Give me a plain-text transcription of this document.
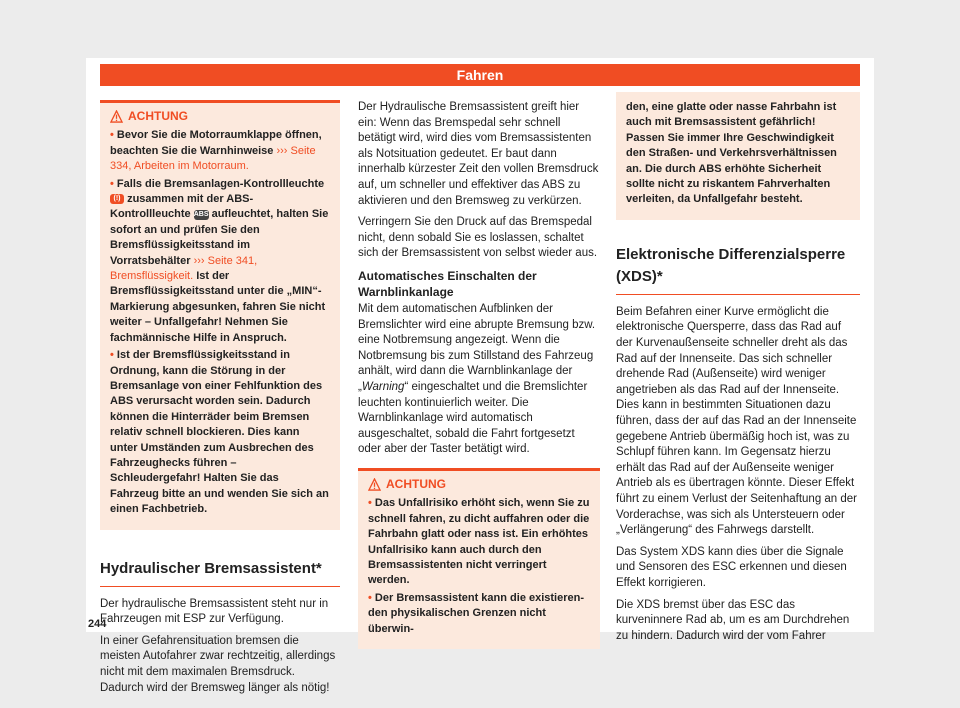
Fahren
ACHTUNG

• Bevor Sie die Motorraumklappe öffnen, beachten Sie die Warnhinweise ››› Seite 334, Arbeiten im Motorraum.

• Falls die Bremsanlagen-Kontrollleuchte (!) zusammen mit der ABS-Kontrollleuchte ABS aufleuchtet, halten Sie sofort an und prüfen Sie den Bremsflüssigkeitsstand im Vorratsbehälter ››› Seite 341, Bremsflüssigkeit. Ist der Bremsflüssigkeitsstand unter die „MIN“-Markierung abgesunken, fahren Sie nicht weiter – Unfallgefahr! Nehmen Sie fachmännische Hilfe in Anspruch.

• Ist der Bremsflüssigkeitsstand in Ordnung, kann die Störung in der Bremsanlage von einer Fehlfunktion des ABS verursacht worden sein. Dadurch können die Hinterräder beim Bremsen relativ schnell blockieren. Dies kann unter Umständen zum Ausbrechen des Fahrzeughecks führen – Schleudergefahr! Halten Sie das Fahrzeug bitte an und wenden Sie sich an einen Fachbetrieb.

Hydraulischer Bremsassistent*

Der hydraulische Bremsassistent steht nur in Fahrzeugen mit ESP zur Verfügung.

In einer Gefahrensituation bremsen die meisten Autofahrer zwar rechtzeitig, allerdings nicht mit dem maximalen Bremsdruck. Dadurch wird der Bremsweg länger als nötig!

Der Hydraulische Bremsassistent greift hier ein: Wenn das Bremspedal sehr schnell betätigt wird, wird dies vom Bremsassistenten als Notsituation gedeutet. Er baut dann innerhalb kürzester Zeit den vollen Bremsdruck auf, um schneller und effektiver das ABS zu aktivieren und den Bremsweg zu verkürzen.

Verringern Sie den Druck auf das Bremspedal nicht, denn sobald Sie es loslassen, schaltet sich der Bremsassistent von selbst wieder aus.

Automatisches Einschalten der Warnblinkanlage

Mit dem automatischen Aufblinken der Bremslichter wird eine abrupte Bremsung bzw. eine Notbremsung angezeigt. Wenn die Notbremsung bis zum Stillstand des Fahrzeug anhält, wird dann die Warnblinkanlage der „Warning“ eingeschaltet und die Bremslichter leuchten kontinuierlich weiter. Die Warnblinkanlage wird automatisch ausgeschaltet, sobald die Fahrt fortgesetzt oder aber der Taster betätigt wird.

ACHTUNG

• Das Unfallrisiko erhöht sich, wenn Sie zu schnell fahren, zu dicht auffahren oder die Fahrbahn glatt oder nass ist. Ein erhöhtes Unfallrisiko kann auch durch den Bremsassistenten nicht verringert werden.

• Der Bremsassistent kann die existieren-den physikalischen Grenzen nicht überwin-

den, eine glatte oder nasse Fahrbahn ist auch mit Bremsassistent gefährlich! Passen Sie immer Ihre Geschwindigkeit den Straßen- und Verkehrsverhältnissen an. Die durch ABS erhöhte Sicherheit sollte nicht zu riskantem Fahrverhalten verleiten, da Unfallgefahr besteht.

Elektronische Differenzialsperre (XDS)*

Beim Befahren einer Kurve ermöglicht die elektronische Quersperre, dass das Rad auf der Kurvenaußenseite schneller dreht als das Rad auf der Innenseite. Das sich schneller drehende Rad (Außenseite) wird weniger angetrieben als das Rad auf der Innenseite. Dies kann in bestimmten Situationen dazu führen, dass der auf das Rad an der Innenseite gegebene Antrieb übermäßig hoch ist, was zu Schlupf führen kann. Im Gegensatz hierzu erhält das Rad auf der Außenseite weniger Antrieb als es übertragen könnte. Dieser Effekt führt zu einem Verlust der Seitenhaftung an der Vorderachse, was sich als Untersteuern oder „Verlängerung“ des Fahrwegs darstellt.

Das System XDS kann dies über die Signale und Sensoren des ESC erkennen und diesen Effekt korrigieren.

Die XDS bremst über das ESC das kurveninnere Rad ab, um es am Durchdrehen zu hindern. Dadurch wird der vom Fahrer

244
